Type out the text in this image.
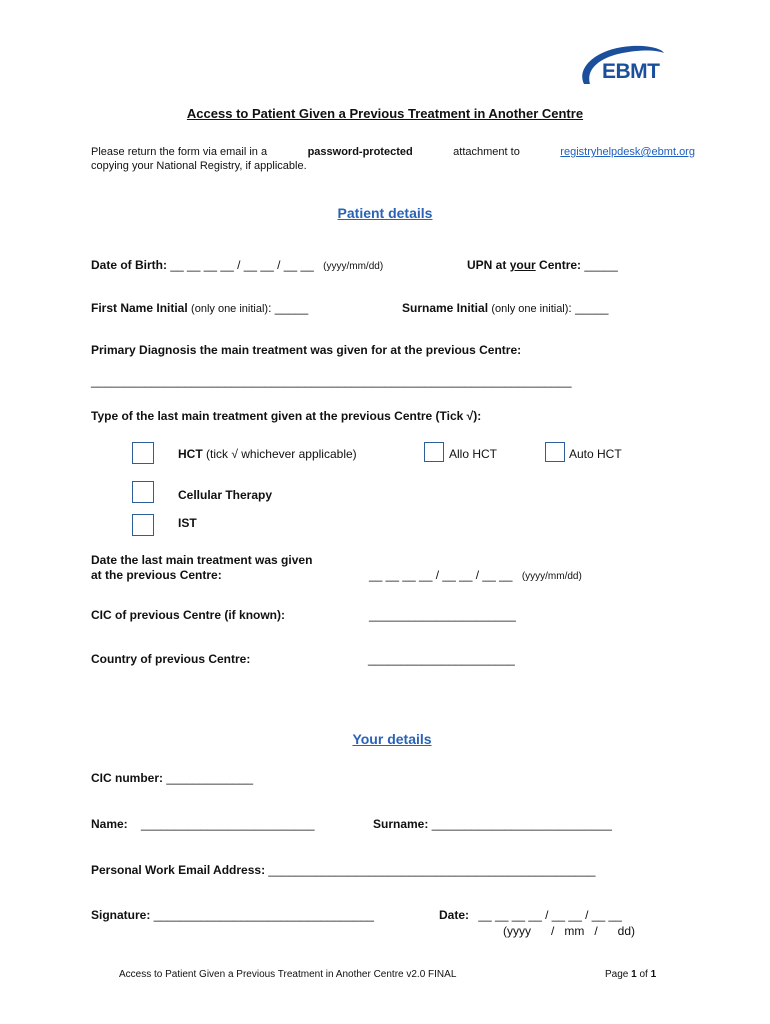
EBMT
Access to Patient Given a Previous Treatment in Another Centre
Please return the form via email in a	password-protected	attachment to	registryhelpdesk@ebmt.org
copying your National Registry, if applicable.
Patient details
Date of Birth: __ __ __ __ / __ __ / __ __ (yyyy/mm/dd)	UPN at your Centre: _____
First Name Initial (only one initial): _____	Surname Initial (only one initial): _____
Primary Diagnosis the main treatment was given for at the previous Centre:
________________________________________________________________________
Type of the last main treatment given at the previous Centre (Tick √):
HCT (tick √ whichever applicable)	Allo HCT	Auto HCT
Cellular Therapy
IST
Date the last main treatment was given
at the previous Centre:	__ __ __ __ / __ __ / __ __ (yyyy/mm/dd)
CIC of previous Centre (if known):	______________________
Country of previous Centre:	______________________
Your details
CIC number: _____________
Name: __________________________	Surname: ___________________________
Personal Work Email Address: _________________________________________________
Signature: _________________________________	Date: __ __ __ __ / __ __ / __ __
(yyyy      /   mm   /      dd)
Access to Patient Given a Previous Treatment in Another Centre v2.0 FINAL	Page 1 of 1
